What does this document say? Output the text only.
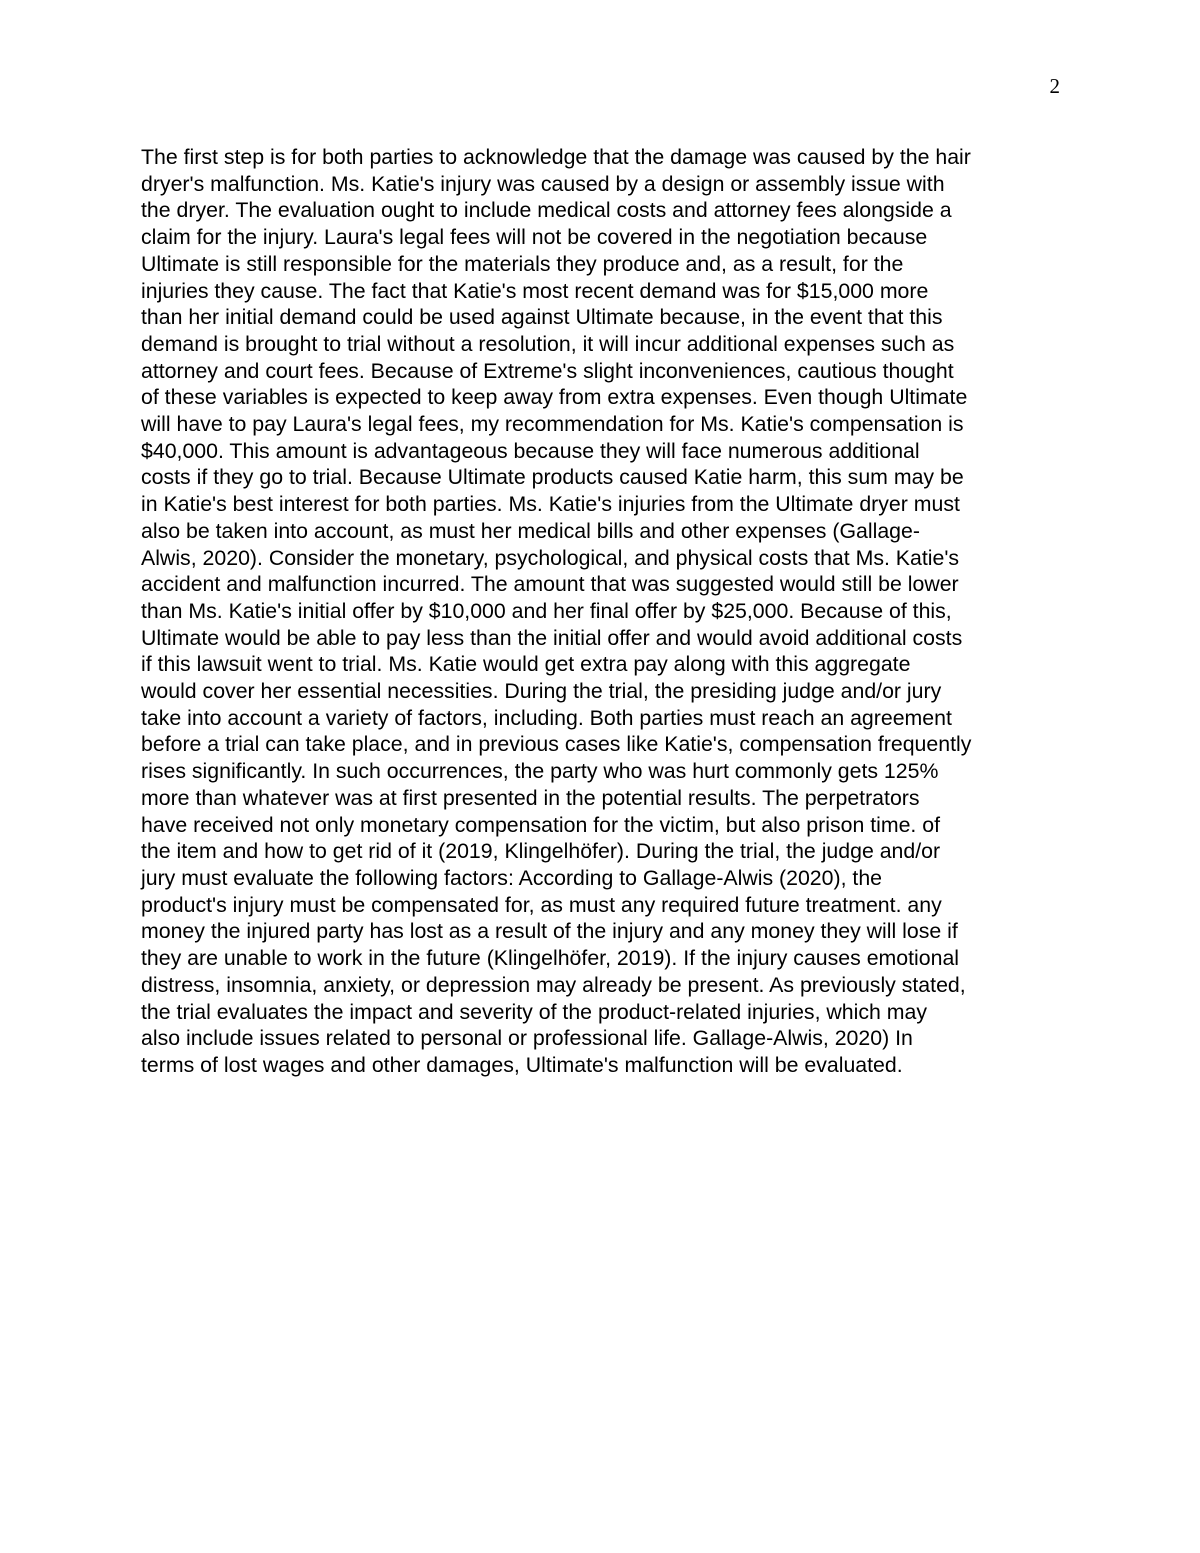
2

The first step is for both parties to acknowledge that the damage was caused by the hair
dryer's malfunction. Ms. Katie's injury was caused by a design or assembly issue with
the dryer. The evaluation ought to include medical costs and attorney fees alongside a
claim for the injury. Laura's legal fees will not be covered in the negotiation because
Ultimate is still responsible for the materials they produce and, as a result, for the
injuries they cause. The fact that Katie's most recent demand was for $15,000 more
than her initial demand could be used against Ultimate because, in the event that this
demand is brought to trial without a resolution, it will incur additional expenses such as
attorney and court fees. Because of Extreme's slight inconveniences, cautious thought
of these variables is expected to keep away from extra expenses. Even though Ultimate
will have to pay Laura's legal fees, my recommendation for Ms. Katie's compensation is
$40,000. This amount is advantageous because they will face numerous additional
costs if they go to trial. Because Ultimate products caused Katie harm, this sum may be
in Katie's best interest for both parties. Ms. Katie's injuries from the Ultimate dryer must
also be taken into account, as must her medical bills and other expenses (Gallage-
Alwis, 2020). Consider the monetary, psychological, and physical costs that Ms. Katie's
accident and malfunction incurred. The amount that was suggested would still be lower
than Ms. Katie's initial offer by $10,000 and her final offer by $25,000. Because of this,
Ultimate would be able to pay less than the initial offer and would avoid additional costs
if this lawsuit went to trial. Ms. Katie would get extra pay along with this aggregate
would cover her essential necessities. During the trial, the presiding judge and/or jury
take into account a variety of factors, including. Both parties must reach an agreement
before a trial can take place, and in previous cases like Katie's, compensation frequently
rises significantly. In such occurrences, the party who was hurt commonly gets 125%
more than whatever was at first presented in the potential results. The perpetrators
have received not only monetary compensation for the victim, but also prison time. of
the item and how to get rid of it (2019, Klingelhöfer). During the trial, the judge and/or
jury must evaluate the following factors: According to Gallage-Alwis (2020), the
product's injury must be compensated for, as must any required future treatment. any
money the injured party has lost as a result of the injury and any money they will lose if
they are unable to work in the future (Klingelhöfer, 2019). If the injury causes emotional
distress, insomnia, anxiety, or depression may already be present. As previously stated,
the trial evaluates the impact and severity of the product-related injuries, which may
also include issues related to personal or professional life. Gallage-Alwis, 2020) In
terms of lost wages and other damages, Ultimate's malfunction will be evaluated.
